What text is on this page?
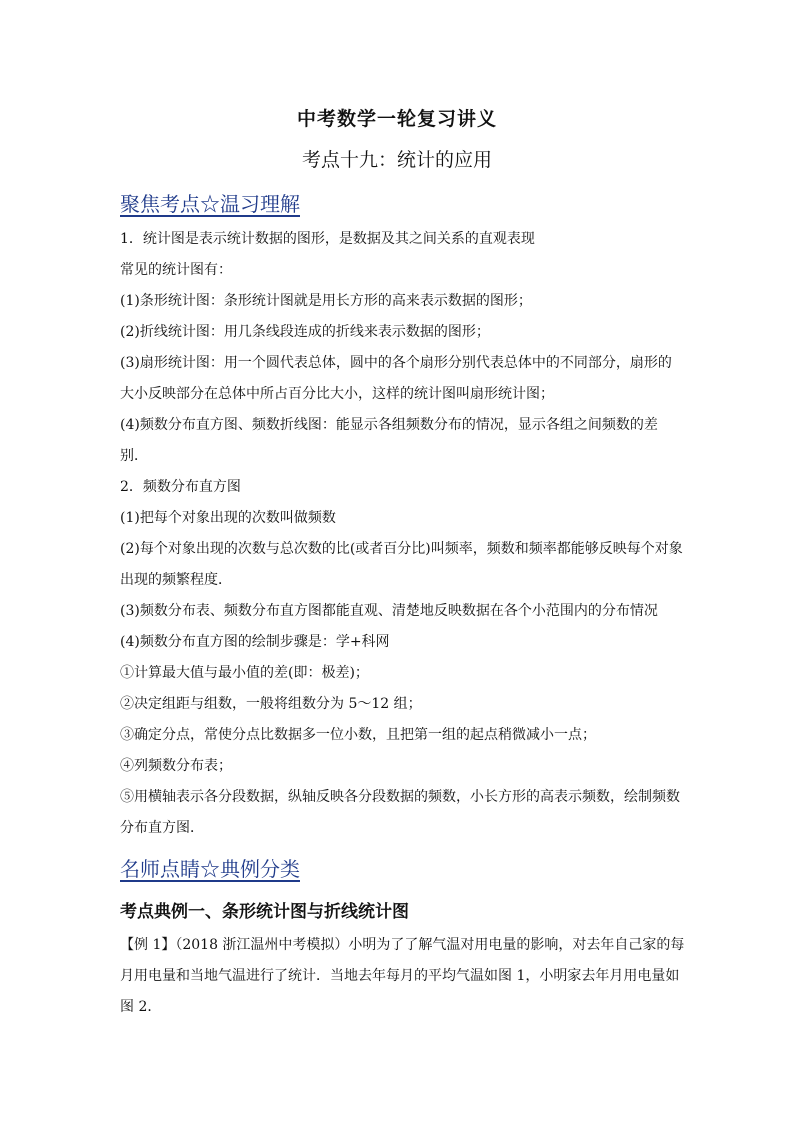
中考数学一轮复习讲义
考点十九：统计的应用
聚焦考点☆温习理解
1．统计图是表示统计数据的图形，是数据及其之间关系的直观表现
常见的统计图有：
(1)条形统计图：条形统计图就是用长方形的高来表示数据的图形；
(2)折线统计图：用几条线段连成的折线来表示数据的图形；
(3)扇形统计图：用一个圆代表总体，圆中的各个扇形分别代表总体中的不同部分，扇形的
大小反映部分在总体中所占百分比大小，这样的统计图叫扇形统计图；
(4)频数分布直方图、频数折线图：能显示各组频数分布的情况，显示各组之间频数的差
别．
2．频数分布直方图
(1)把每个对象出现的次数叫做频数
(2)每个对象出现的次数与总次数的比(或者百分比)叫频率，频数和频率都能够反映每个对象
出现的频繁程度．
(3)频数分布表、频数分布直方图都能直观、清楚地反映数据在各个小范围内的分布情况
(4)频数分布直方图的绘制步骤是：学+科网
①计算最大值与最小值的差(即：极差)；
②决定组距与组数，一般将组数分为 5～12 组；
③确定分点，常使分点比数据多一位小数，且把第一组的起点稍微减小一点；
④列频数分布表；
⑤用横轴表示各分段数据，纵轴反映各分段数据的频数，小长方形的高表示频数，绘制频数
分布直方图．
名师点睛☆典例分类
考点典例一、条形统计图与折线统计图
【例 1】（2018 浙江温州中考模拟）小明为了了解气温对用电量的影响，对去年自己家的每
月用电量和当地气温进行了统计．当地去年每月的平均气温如图 1，小明家去年月用电量如
图 2．
